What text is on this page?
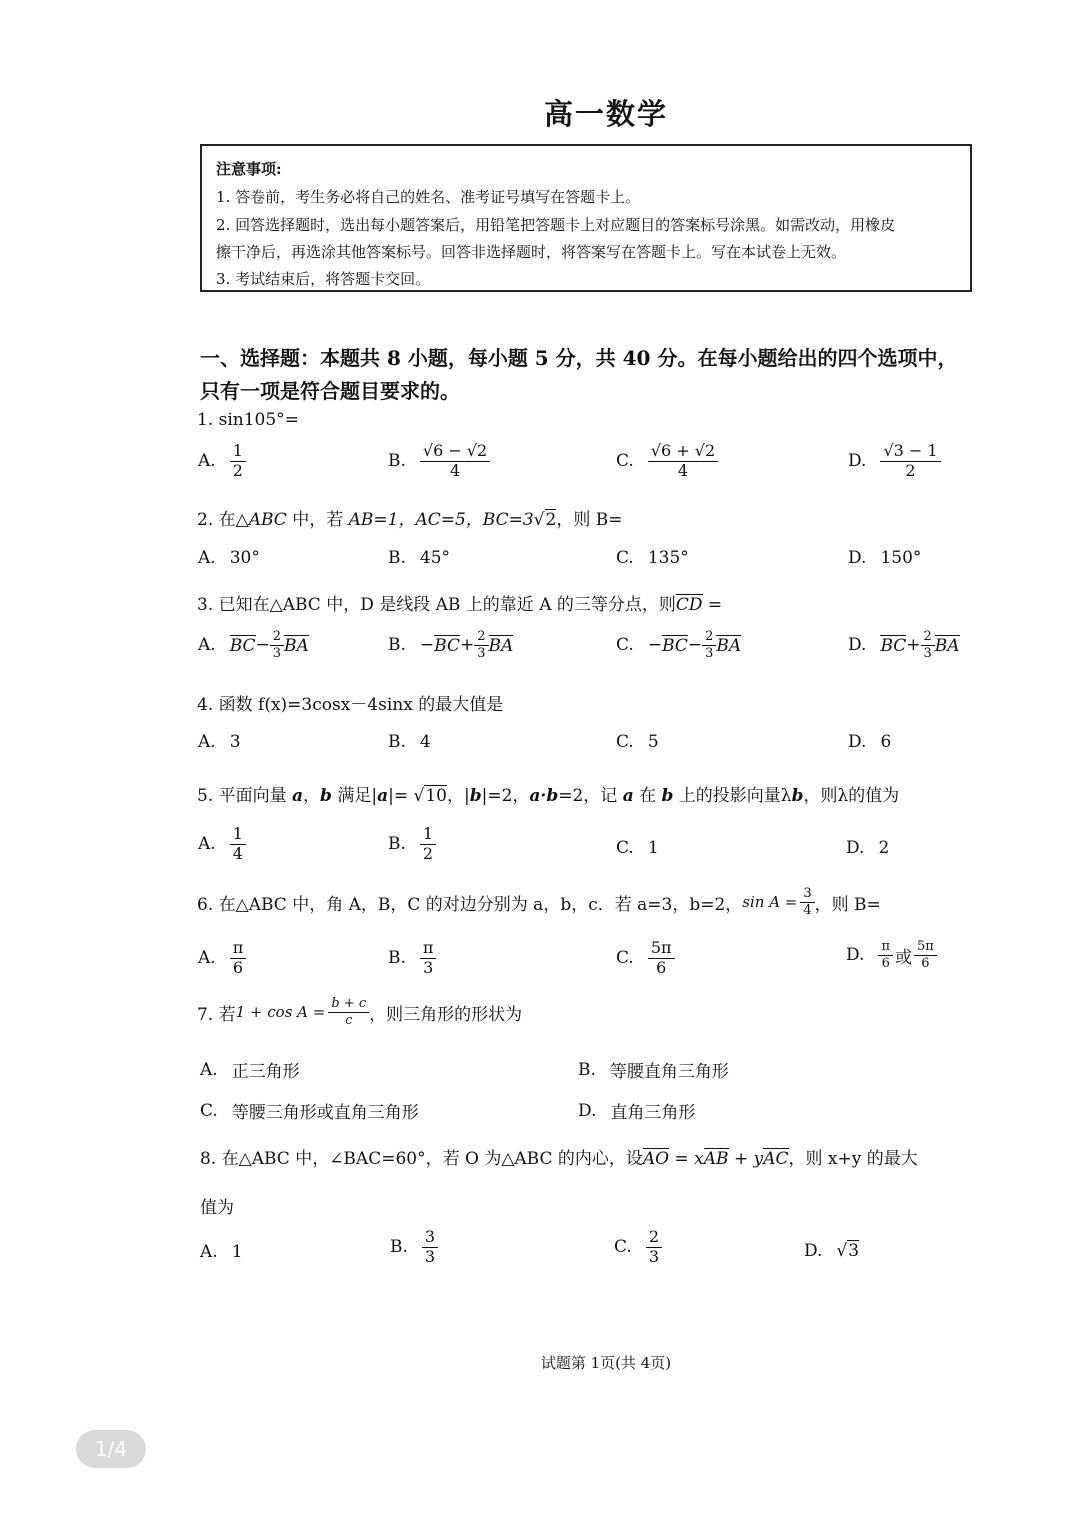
高一数学
注意事项:
1. 答卷前，考生务必将自己的姓名、准考证号填写在答题卡上。
2. 回答选择题时，选出每小题答案后，用铅笔把答题卡上对应题目的答案标号涂黑。如需改动，用橡皮
擦干净后，再选涂其他答案标号。回答非选择题时，将答案写在答题卡上。写在本试卷上无效。
3. 考试结束后，将答题卡交回。
一、选择题：本题共 8 小题，每小题 5 分，共 40 分。在每小题给出的四个选项中，
只有一项是符合题目要求的。
1. sin105°=
A. $\frac{1}{2}$	B. $\frac{√6 - √2}{4}$	C. $\frac{√6 + √2}{4}$	D. $\frac{√3 - 1}{2}$
2. 在△ABC 中，若 AB=1，AC=5，BC=3√2，则 B=
A. 30°	B. 45°	C. 135°	D. 150°
3. 已知在△ABC 中，D 是线段 AB 上的靠近 A 的三等分点，则CD =
A. BC − $\frac{2}{3}$ BA	B. − BC + $\frac{2}{3}$ BA	C. − BC − $\frac{2}{3}$ BA	D. BC + $\frac{2}{3}$ BA
4. 函数 f(x)=3cosx－4sinx 的最大值是
A. 3	B. 4	C. 5	D. 6
5. 平面向量 a，b 满足|a|= √10，|b|=2，a·b=2，记 a 在 b 上的投影向量λb，则λ的值为
A. $\frac{1}{4}$	B. $\frac{1}{2}$	C. 1	D. 2
6. 在△ABC 中，角 A，B，C 的对边分别为 a，b，c．若 a=3，b=2， $\sin A = \frac{3}{4}$ ，则 B=
A. $\frac{\pi}{6}$	B. $\frac{\pi}{3}$	C. $\frac{5\pi}{6}$	D. $\frac{\pi}{6}$ 或 $\frac{5\pi}{6}$
7. 若 $1 + \cos A = \frac{b + c}{c}$ ，则三角形的形状为
A. 正三角形	B. 等腰直角三角形
C. 等腰三角形或直角三角形	D. 直角三角形
8. 在△ABC 中，∠BAC=60°，若 O 为△ABC 的内心，设AO = xAB + yAC，则 x+y 的最大
值为
A. 1	B. $\frac{3}{3}$	C. $\frac{2}{3}$	D. √ 3
试题第 1页(共 4页)
1/4
